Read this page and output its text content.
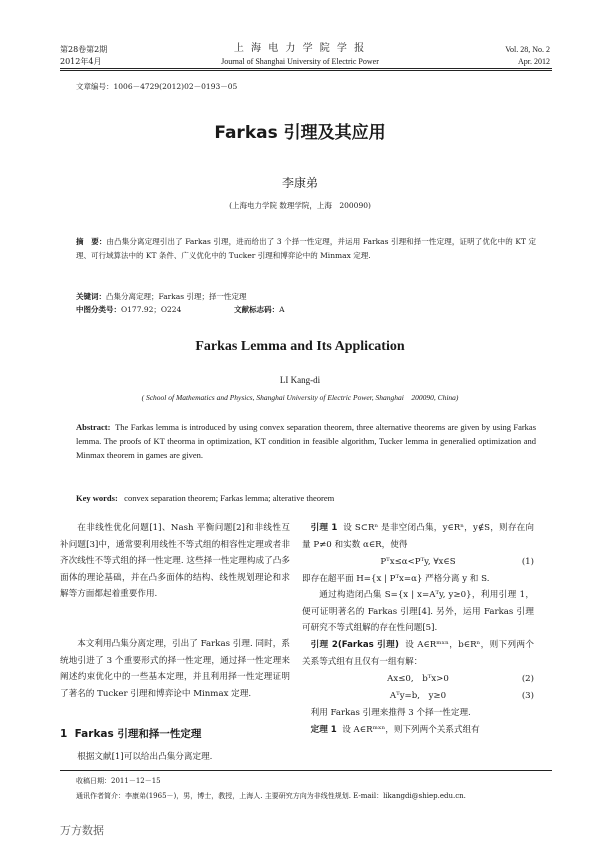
第28卷第2期
2012年4月
上 海 电 力 学 院 学 报
Journal of Shanghai University of Electric Power
Vol. 28, No. 2
Apr. 2012
文章编号：1006－4729(2012)02－0193－05
Farkas 引理及其应用
李康弟
(上海电力学院 数理学院，上海　200090)
摘　要：由凸集分离定理引出了 Farkas 引理，进而给出了 3 个择一性定理，并运用 Farkas 引理和择一性定理，证明了优化中的 KT 定理、可行域算法中的 KT 条件、广义优化中的 Tucker 引理和博弈论中的 Minmax 定理.
关键词：凸集分离定理；Farkas 引理；择一性定理
中图分类号：O177.92；O224	文献标志码：A
Farkas Lemma and Its Application
LI Kang-di
( School of Mathematics and Physics, Shanghai University of Electric Power, Shanghai　200090, China)
Abstract: The Farkas lemma is introduced by using convex separation theorem, three alternative theorems are given by using Farkas lemma. The proofs of KT theorma in optimization, KT condition in feasible algorithm, Tucker lemma in generalied optimization and Minmax theorem in games are given.
Key words: convex separation theorem; Farkas lemma; alterative theorem
在非线性优化问题[1]、Nash 平衡问题[2]和非线性互补问题[3]中，通常要利用线性不等式组的相容性定理或者非齐次线性不等式组的择一性定理. 这些择一性定理构成了凸多面体的理论基础，并在凸多面体的结构、线性规划理论和求解等方面都起着重要作用.
本文利用凸集分离定理，引出了 Farkas 引理. 同时，系统地引进了 3 个重要形式的择一性定理，通过择一性定理来阐述约束优化中的一些基本定理，并且利用择一性定理证明了著名的 Tucker 引理和博弈论中 Minmax 定理.
1 Farkas 引理和择一性定理
根据文献[1]可以给出凸集分离定理.
引理 1 设 S⊂Rⁿ 是非空闭凸集，y∈Rⁿ，y∉S，则存在向量 P≠0 和实数 α∈R，使得
Pᵀx≤α<Pᵀy, ∀x∈S	(1)
即存在超平面 H={x | Pᵀx=α} 严格分离 y 和 S.
通过构造闭凸集 S={x | x=Aᵀy, y≥0}，利用引理 1，便可证明著名的 Farkas 引理[4]. 另外，运用 Farkas 引理可研究不等式组解的存在性问题[5].
引理 2(Farkas 引理) 设 A∈Rᵐˣⁿ，b∈Rⁿ，则下列两个关系等式组有且仅有一组有解：
Ax≤0,　bᵀx>0	(2)
Aᵀy=b,　y≥0	(3)
利用 Farkas 引理来推得 3 个择一性定理.
定理 1 设 A∈Rᵐˣⁿ，则下列两个关系式组有
收稿日期：2011－12－15
通讯作者简介：李康弟(1965－)，男，博士，教授，上海人. 主要研究方向为非线性规划. E-mail：likangdi@shiep.edu.cn.
万方数据
